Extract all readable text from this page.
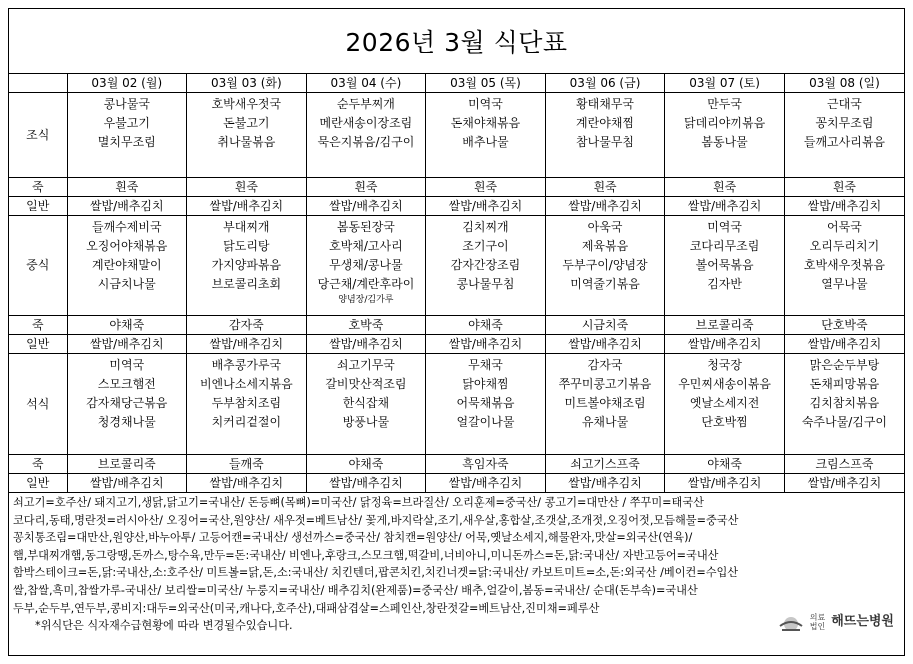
2026년 3월 식단표
	03월 02 (월)	03월 03 (화)	03월 04 (수)	03월 05 (목)	03월 06 (금)	03월 07 (토)	03월 08 (일)
조식	콩나물국
우불고기
멸치무조림	호박새우젓국
돈불고기
취나물볶음	순두부찌개
메란새송이장조림
묵은지볶음/김구이	미역국
돈채야채볶음
배추나물	황태채무국
계란야채찜
참나물무침	만두국
닭데리야끼볶음
봄동나물	근대국
꽁치무조림
들깨고사리볶음

죽	흰죽	흰죽	흰죽	흰죽	흰죽	흰죽	흰죽
일반	쌀밥/배추김치	쌀밥/배추김치	쌀밥/배추김치	쌀밥/배추김치	쌀밥/배추김치	쌀밥/배추김치	쌀밥/배추김치
중식	들깨수제비국
오징어야채볶음
계란야채말이
시금치나물	부대찌개
닭도리탕
가지양파볶음
브로콜리초회	봄동된장국
호박채/고사리
무생채/콩나물
당근채/계란후라이
양념장/김가루	김치찌개
조기구이
감자간장조림
콩나물무침	아욱국
제육볶음
두부구이/양념장
미역줄기볶음	미역국
코다리무조림
볼어묵볶음
김자반	어묵국
오리두리치기
호박새우젓볶음
열무나물

죽	야채죽	감자죽	호박죽	야채죽	시금치죽	브로콜리죽	단호박죽
일반	쌀밥/배추김치	쌀밥/배추김치	쌀밥/배추김치	쌀밥/배추김치	쌀밥/배추김치	쌀밥/배추김치	쌀밥/배추김치
석식	미역국
스모크햄전
감자채당근볶음
청경채나물	배추콩가루국
비엔나소세지볶음
두부참치조림
치커리겉절이	쇠고기무국
갈비맛산적조림
한식잡채
방풍나물	무채국
닭야채찜
어묵채볶음
얼갈이나물	감자국
쭈꾸미콩고기볶음
미트볼야채조림
유채나물	청국장
우민찌새송이볶음
옛날소세지전
단호박찜	맑은순두부탕
돈채피망볶음
김치참치볶음
숙주나물/김구이

죽	브로콜리죽	들깨죽	야채죽	흑임자죽	쇠고기스프죽	야채죽	크림스프죽
일반	쌀밥/배추김치	쌀밥/배추김치	쌀밥/배추김치	쌀밥/배추김치	쌀밥/배추김치	쌀밥/배추김치	쌀밥/배추김치
쇠고기=호주산/ 돼지고기,생닭,닭고기=국내산/ 돈등뼈(목뼈)=미국산/ 닭정육=브라질산/ 오리훈제=중국산/ 콩고기=대만산 / 쭈꾸미=태국산
코다리,동태,명란젓=러시아산/ 오징어=국산,원양산/ 새우젓=베트남산/ 꽃게,바지락살,조기,새우살,홍합살,조갯살,조개젓,오징어젓,모듬해물=중국산
꽁치통조림=대만산,원양산,바누아투/ 고등어캔=국내산/ 생선까스=중국산/ 참치캔=원양산/ 어묵,옛날소세지,해물완자,맛살=외국산(연육)/
햄,부대찌개햄,동그랑땡,돈까스,탕수육,만두=돈:국내산/ 비엔나,후랑크,스모크햄,떡갈비,너비아니,미니돈까스=돈,닭:국내산/ 자반고등어=국내산
함박스테이크=돈,닭:국내산,소:호주산/ 미트볼=닭,돈,소:국내산/ 치킨텐더,팝콘치킨,치킨너겟=닭:국내산/ 카보트미트=소,돈:외국산 /베이컨=수입산
쌀,찹쌀,흑미,찹쌀가루-국내산/ 보리쌀=미국산/ 누룽지=국내산/ 배추김치(완제품)=중국산/ 배추,얼갈이,봄동=국내산/ 순대(돈부속)=국내산
두부,순두부,연두부,콩비지:대두=외국산(미국,캐나다,호주산),대패삼겹살=스페인산,창란젓갈=베트남산,진미채=페루산
*위식단은 식자재수급현황에 따라 변경될수있습니다.
의료
법인 해뜨는병원
